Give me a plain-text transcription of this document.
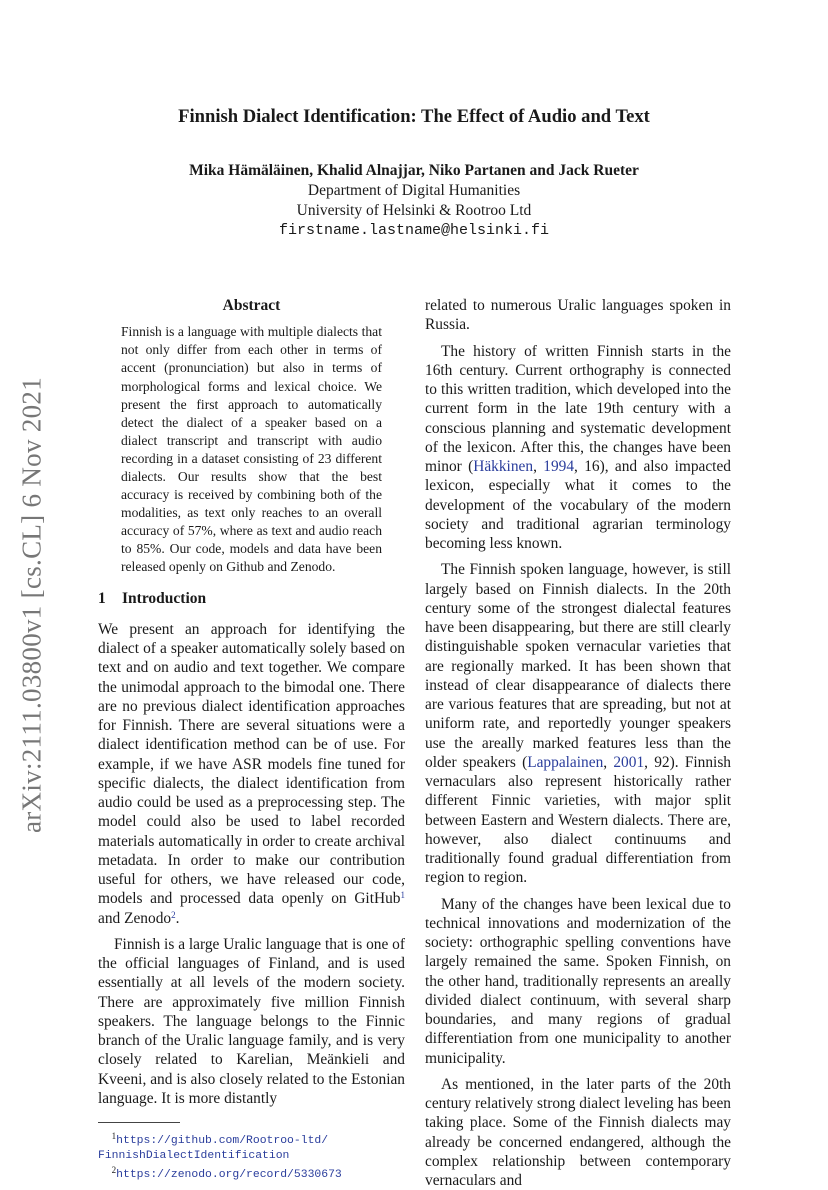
arXiv:2111.03800v1 [cs.CL] 6 Nov 2021
Finnish Dialect Identification: The Effect of Audio and Text
Mika Hämäläinen, Khalid Alnajjar, Niko Partanen and Jack Rueter
Department of Digital Humanities
University of Helsinki & Rootroo Ltd
firstname.lastname@helsinki.fi
Abstract

Finnish is a language with multiple dialects that not only differ from each other in terms of accent (pronunciation) but also in terms of morphological forms and lexical choice. We present the first approach to automatically detect the dialect of a speaker based on a dialect transcript and transcript with audio recording in a dataset consisting of 23 different dialects. Our results show that the best accuracy is received by combining both of the modalities, as text only reaches to an overall accuracy of 57%, where as text and audio reach to 85%. Our code, models and data have been released openly on Github and Zenodo.

1 Introduction

We present an approach for identifying the dialect of a speaker automatically solely based on text and on audio and text together. We compare the unimodal approach to the bimodal one. There are no previous dialect identification approaches for Finnish. There are several situations were a dialect identification method can be of use. For example, if we have ASR models fine tuned for specific dialects, the dialect identification from audio could be used as a preprocessing step. The model could also be used to label recorded materials automatically in order to create archival metadata. In order to make our contribution useful for others, we have released our code, models and processed data openly on GitHub$^1$ and Zenodo$^2$.

Finnish is a large Uralic language that is one of the official languages of Finland, and is used essentially at all levels of the modern society. There are approximately five million Finnish speakers. The language belongs to the Finnic branch of the Uralic language family, and is very closely related to Karelian, Meänkieli and Kveeni, and is also closely related to the Estonian language. It is more distantly

$^1$https://github.com/Rootroo-ltd/
FinnishDialectIdentification
$^2$https://zenodo.org/record/5330673

related to numerous Uralic languages spoken in Russia.

The history of written Finnish starts in the 16th century. Current orthography is connected to this written tradition, which developed into the current form in the late 19th century with a conscious planning and systematic development of the lexicon. After this, the changes have been minor (Häkkinen, 1994, 16), and also impacted lexicon, especially what it comes to the development of the vocabulary of the modern society and traditional agrarian terminology becoming less known.

The Finnish spoken language, however, is still largely based on Finnish dialects. In the 20th century some of the strongest dialectal features have been disappearing, but there are still clearly distinguishable spoken vernacular varieties that are regionally marked. It has been shown that instead of clear disappearance of dialects there are various features that are spreading, but not at uniform rate, and reportedly younger speakers use the areally marked features less than the older speakers (Lappalainen, 2001, 92). Finnish vernaculars also represent historically rather different Finnic varieties, with major split between Eastern and Western dialects. There are, however, also dialect continuums and traditionally found gradual differentiation from region to region.

Many of the changes have been lexical due to technical innovations and modernization of the society: orthographic spelling conventions have largely remained the same. Spoken Finnish, on the other hand, traditionally represents an areally divided dialect continuum, with several sharp boundaries, and many regions of gradual differentiation from one municipality to another municipality.

As mentioned, in the later parts of the 20th century relatively strong dialect leveling has been taking place. Some of the Finnish dialects may already be concerned endangered, although the complex relationship between contemporary vernaculars and
